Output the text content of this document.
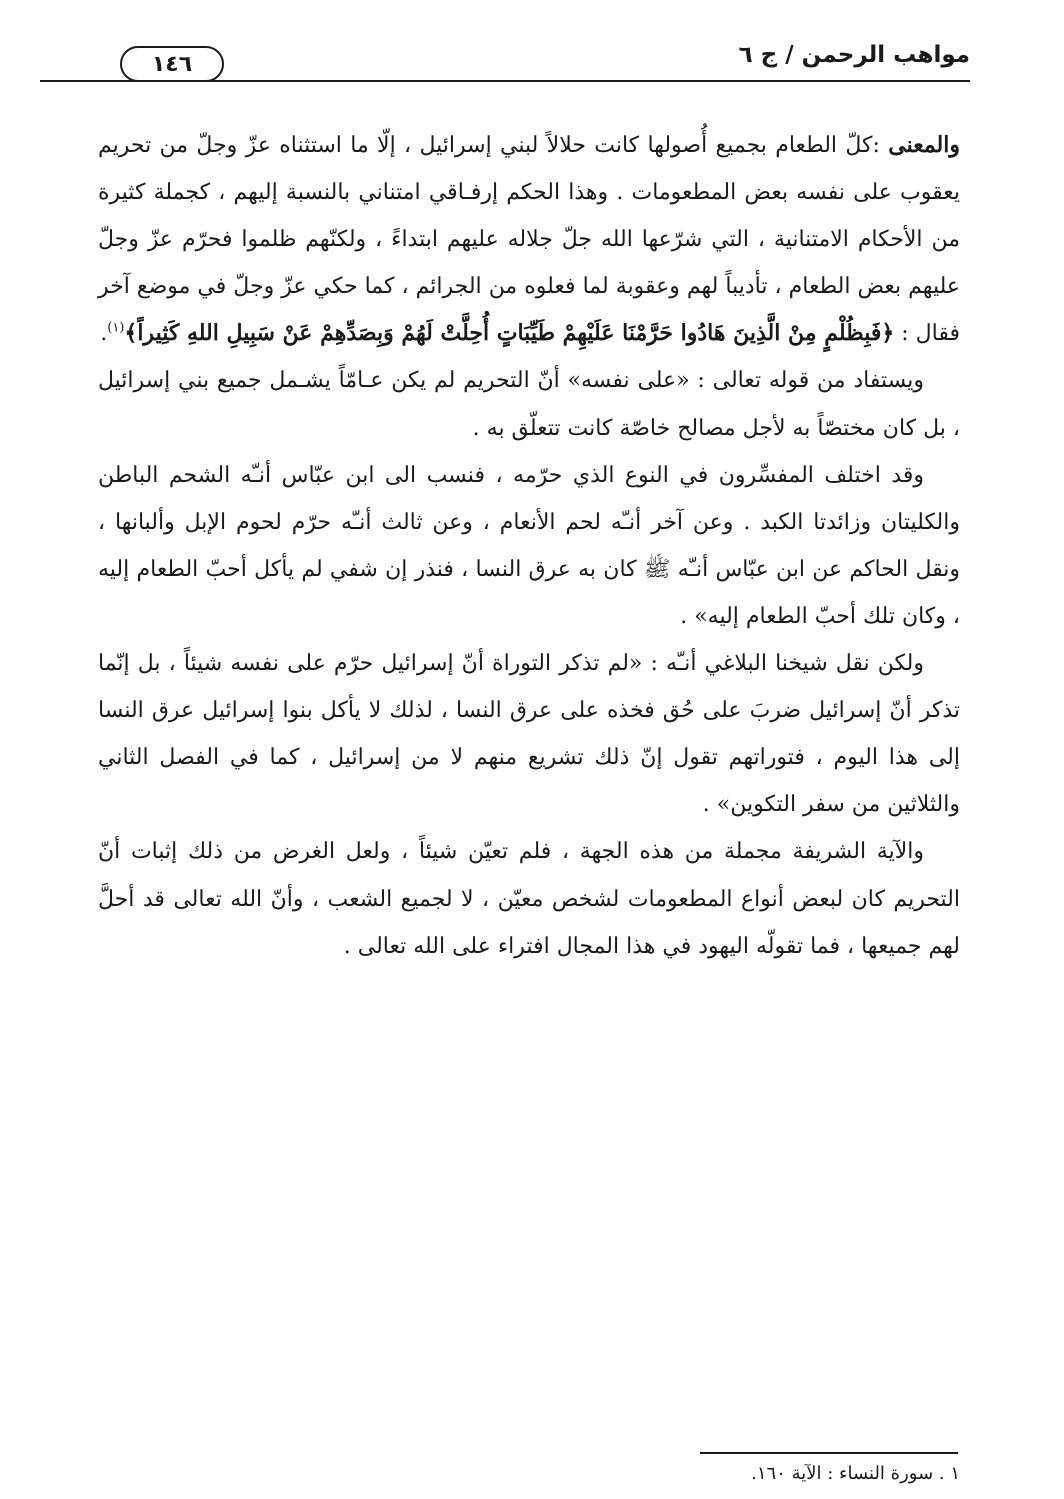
مواهب الرحمن / ج ٦
١٤٦

والمعنى :كلّ الطعام بجميع أُصولها كانت حلالاً لبني إسرائيل ، إلّا ما استثناه عزّ وجلّ من تحريم يعقوب على نفسه بعض المطعومات . وهذا الحكم إرفـاقي امتناني بالنسبة إليهم ، كجملة كثيرة من الأحكام الامتنانية ، التي شرّعها الله جلّ جلاله عليهم ابتداءً ، ولكنّهم ظلموا فحرّم عزّ وجلّ عليهم بعض الطعام ، تأديباً لهم وعقوبة لما فعلوه من الجرائم ، كما حكي عزّ وجلّ في موضع آخر فقال : ﴿فَبِظُلْمٍ مِنْ الَّذِينَ هَادُوا حَرَّمْنَا عَلَيْهِمْ طَيِّبَاتٍ أُحِلَّتْ لَهُمْ وَبِصَدِّهِمْ عَنْ سَبِيلِ اللهِ كَثِيراً﴾$^{(١)}$.

ويستفاد من قوله تعالى : «على نفسه» أنّ التحريم لم يكن عـامّاً يشـمل جميع بني إسرائيل ، بل كان مختصّاً به لأجل مصالح خاصّة كانت تتعلّق به .

وقد اختلف المفسِّرون في النوع الذي حرّمه ، فنسب الى ابن عبّاس أنـّه الشحم الباطن والكليتان وزائدتا الكبد . وعن آخر أنـّه لحم الأنعام ، وعن ثالث أنـّه حرّم لحوم الإبل وألبانها ، ونقل الحاكم عن ابن عبّاس أنـّه ﷺ كان به عرق النسا ، فنذر إن شفي لم يأكل أحبّ الطعام إليه ، وكان تلك أحبّ الطعام إليه» .

ولكن نقل شيخنا البلاغي أنـّه : «لم تذكر التوراة أنّ إسرائيل حرّم على نفسه شيئاً ، بل إنّما تذكر أنّ إسرائيل ضربَ على حُق فخذه على عرق النسا ، لذلك لا يأكل بنوا إسرائيل عرق النسا إلى هذا اليوم ، فتوراتهم تقول إنّ ذلك تشريع منهم لا من إسرائيل ، كما في الفصل الثاني والثلاثين من سفر التكوين» .

والآية الشريفة مجملة من هذه الجهة ، فلم تعيّن شيئاً ، ولعل الغرض من ذلك إثبات أنّ التحريم كان لبعض أنواع المطعومات لشخص معيّن ، لا لجميع الشعب ، وأنّ الله تعالى قد أحلَّ لهم جميعها ، فما تقولّه اليهود في هذا المجال افتراء على الله تعالى .

١ . سورة النساء : الآية ١٦٠.
